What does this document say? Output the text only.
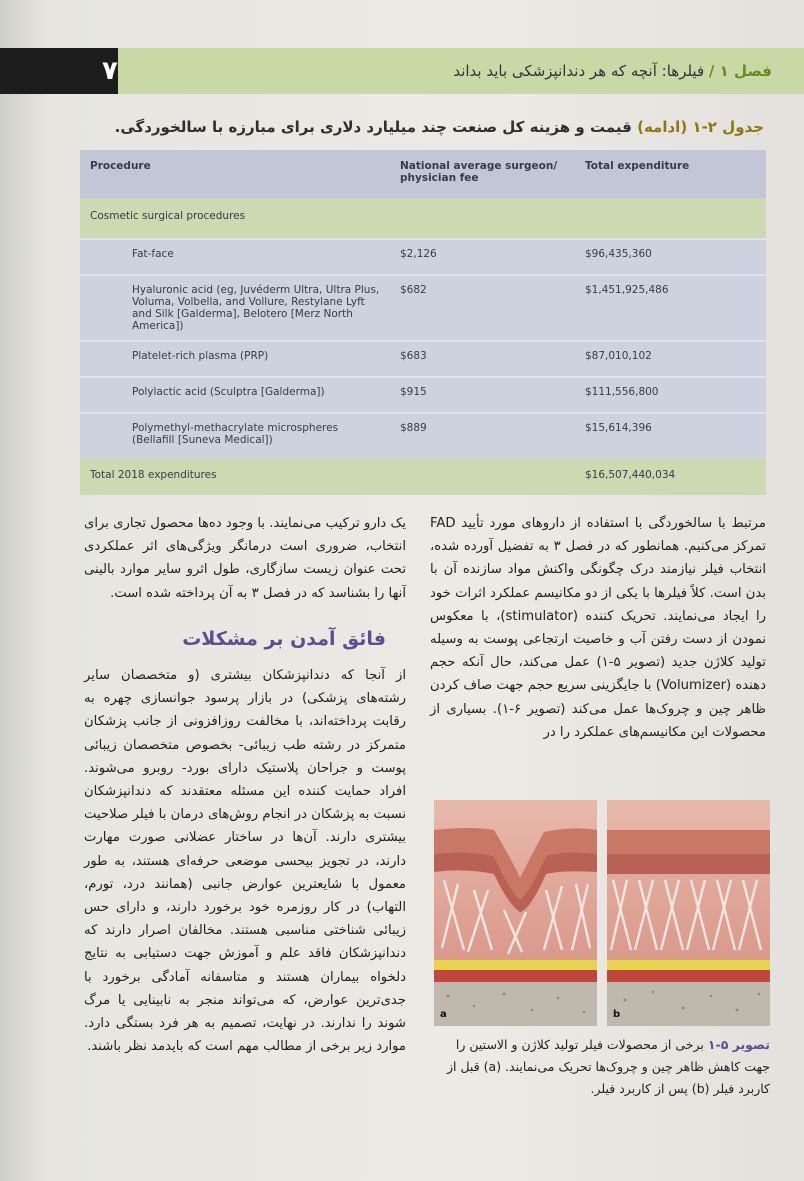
۷	فصل ۱ / فیلرها: آنچه که هر دندانپزشکی باید بداند
جدول ۲-۱ (ادامه) قیمت و هزینه کل صنعت چند میلیارد دلاری برای مبارزه با سالخوردگی.
Procedure	National average surgeon/ physician fee	Total expenditure
Cosmetic surgical procedures		
Fat-face	$2,126	$96,435,360
Hyaluronic acid (eg, Juvéderm Ultra, Ultra Plus, Voluma, Volbella, and Vollure, Restylane Lyft and Silk [Galderma], Belotero [Merz North America])	$682	$1,451,925,486
Platelet-rich plasma (PRP)	$683	$87,010,102
Polylactic acid (Sculptra [Galderma])	$915	$111,556,800
Polymethyl-methacrylate microspheres (Bellafill [Suneva Medical])	$889	$15,614,396
Total 2018 expenditures		$16,507,440,034

مرتبط با سالخوردگی با استفاده از داروهای مورد تأیید FAD تمرکز می‌کنیم. همانطور که در فصل ۳ به تفضیل آورده شده، انتخاب فیلر نیازمند درک چگونگی واکنش مواد سازنده آن با بدن است. کلاً فیلرها با یکی از دو مکانیسم عملکرد اثرات خود را ایجاد می‌نمایند. تحریک کننده (stimulator)، با معکوس نمودن از دست رفتن آب و خاصیت ارتجاعی پوست به وسیله تولید کلاژن جدید (تصویر ۵-۱) عمل می‌کند، حال آنکه حجم دهنده (Volumizer) با جایگزینی سریع حجم جهت صاف کردن ظاهر چین و چروک‌ها عمل می‌کند (تصویر ۶-۱). بسیاری از محصولات این مکانیسم‌های عملکرد را در

یک دارو ترکیب می‌نمایند. با وجود ده‌ها محصول تجاری برای انتخاب، ضروری است درمانگر ویژگی‌های اثر عملکردی تحت عنوان زیست سازگاری، طول اثرو سایر موارد بالینی آنها را بشناسد که در فصل ۳ به آن پرداخته شده است.

فائق آمدن بر مشکلات

از آنجا که دندانپزشکان بیشتری (و متخصصان سایر رشته‌های پزشکی) در بازار پرسود جوانسازی چهره به رقابت پرداخته‌اند، با مخالفت روزافزونی از جانب پزشکان متمرکز در رشته طب زیبائی- بخصوص متخصصان زیبائی پوست و جراحان پلاستیک دارای بورد- روبرو می‌شوند. افراد حمایت کننده این مسئله معتقدند که دندانپزشکان نسبت به پزشکان در انجام روش‌های درمان با فیلر صلاحیت بیشتری دارند. آن‌ها در ساختار عضلانی صورت مهارت دارند، در تجویز بیحسی موضعی حرفه‌ای هستند، به طور معمول با شایعترین عوارض جانبی (همانند درد، تورم، التهاب) در کار روزمره خود برخورد دارند، و دارای حس زیبائی شناختی مناسبی هستند. مخالفان اصرار دارند که دندانپزشکان فاقد علم و آموزش جهت دستیابی به نتایج دلخواه بیماران هستند و متاسفانه آمادگی برخورد با جدی‌ترین عوارض، که می‌تواند منجر به نابینایی یا مرگ شوند را ندارند. در نهایت، تصمیم به هر فرد بستگی دارد. موارد زیر برخی از مطالب مهم است که بایدمد نظر باشند.

a	b
تصویر ۵-۱ برخی از محصولات فیلر تولید کلاژن و الاستین را جهت کاهش ظاهر چین و چروک‌ها تحریک می‌نمایند. (a) قبل از کاربرد فیلر (b) پس از کاربرد فیلر.
